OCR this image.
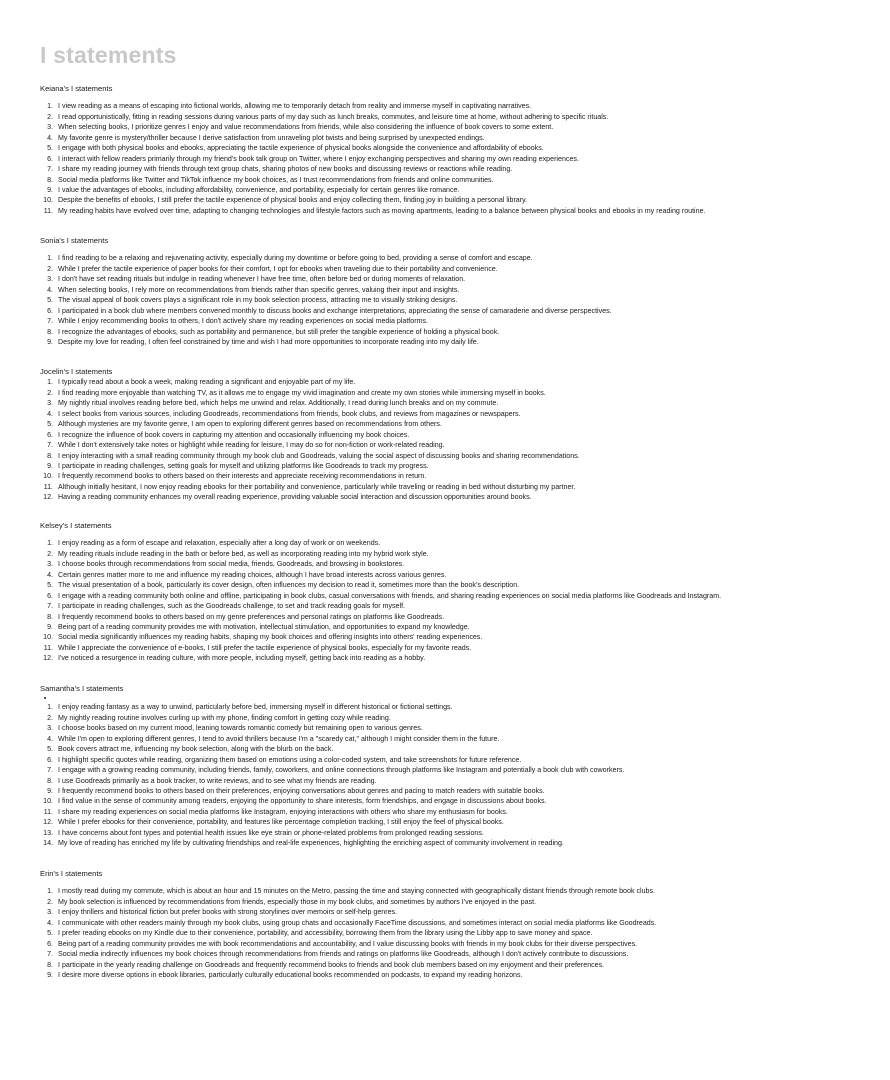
I statements
Keiana's I statements
1. I view reading as a means of escaping into fictional worlds, allowing me to temporarily detach from reality and immerse myself in captivating narratives.
2. I read opportunistically, fitting in reading sessions during various parts of my day such as lunch breaks, commutes, and leisure time at home, without adhering to specific rituals.
3. When selecting books, I prioritize genres I enjoy and value recommendations from friends, while also considering the influence of book covers to some extent.
4. My favorite genre is mystery/thriller because I derive satisfaction from unraveling plot twists and being surprised by unexpected endings.
5. I engage with both physical books and ebooks, appreciating the tactile experience of physical books alongside the convenience and affordability of ebooks.
6. I interact with fellow readers primarily through my friend's book talk group on Twitter, where I enjoy exchanging perspectives and sharing my own reading experiences.
7. I share my reading journey with friends through text group chats, sharing photos of new books and discussing reviews or reactions while reading.
8. Social media platforms like Twitter and TikTok influence my book choices, as I trust recommendations from friends and online communities.
9. I value the advantages of ebooks, including affordability, convenience, and portability, especially for certain genres like romance.
10. Despite the benefits of ebooks, I still prefer the tactile experience of physical books and enjoy collecting them, finding joy in building a personal library.
11. My reading habits have evolved over time, adapting to changing technologies and lifestyle factors such as moving apartments, leading to a balance between physical books and ebooks in my reading routine.
Sonia's I statements
1. I find reading to be a relaxing and rejuvenating activity, especially during my downtime or before going to bed, providing a sense of comfort and escape.
2. While I prefer the tactile experience of paper books for their comfort, I opt for ebooks when traveling due to their portability and convenience.
3. I don't have set reading rituals but indulge in reading whenever I have free time, often before bed or during moments of relaxation.
4. When selecting books, I rely more on recommendations from friends rather than specific genres, valuing their input and insights.
5. The visual appeal of book covers plays a significant role in my book selection process, attracting me to visually striking designs.
6. I participated in a book club where members convened monthly to discuss books and exchange interpretations, appreciating the sense of camaraderie and diverse perspectives.
7. While I enjoy recommending books to others, I don't actively share my reading experiences on social media platforms.
8. I recognize the advantages of ebooks, such as portability and permanence, but still prefer the tangible experience of holding a physical book.
9. Despite my love for reading, I often feel constrained by time and wish I had more opportunities to incorporate reading into my daily life.
Jocelin's I statements
1. I typically read about a book a week, making reading a significant and enjoyable part of my life.
2. I find reading more enjoyable than watching TV, as it allows me to engage my vivid imagination and create my own stories while immersing myself in books.
3. My nightly ritual involves reading before bed, which helps me unwind and relax. Additionally, I read during lunch breaks and on my commute.
4. I select books from various sources, including Goodreads, recommendations from friends, book clubs, and reviews from magazines or newspapers.
5. Although mysteries are my favorite genre, I am open to exploring different genres based on recommendations from others.
6. I recognize the influence of book covers in capturing my attention and occasionally influencing my book choices.
7. While I don't extensively take notes or highlight while reading for leisure, I may do so for non-fiction or work-related reading.
8. I enjoy interacting with a small reading community through my book club and Goodreads, valuing the social aspect of discussing books and sharing recommendations.
9. I participate in reading challenges, setting goals for myself and utilizing platforms like Goodreads to track my progress.
10. I frequently recommend books to others based on their interests and appreciate receiving recommendations in return.
11. Although initially hesitant, I now enjoy reading ebooks for their portability and convenience, particularly while traveling or reading in bed without disturbing my partner.
12. Having a reading community enhances my overall reading experience, providing valuable social interaction and discussion opportunities around books.
Kelsey's I statements
1. I enjoy reading as a form of escape and relaxation, especially after a long day of work or on weekends.
2. My reading rituals include reading in the bath or before bed, as well as incorporating reading into my hybrid work style.
3. I choose books through recommendations from social media, friends, Goodreads, and browsing in bookstores.
4. Certain genres matter more to me and influence my reading choices, although I have broad interests across various genres.
5. The visual presentation of a book, particularly its cover design, often influences my decision to read it, sometimes more than the book's description.
6. I engage with a reading community both online and offline, participating in book clubs, casual conversations with friends, and sharing reading experiences on social media platforms like Goodreads and Instagram.
7. I participate in reading challenges, such as the Goodreads challenge, to set and track reading goals for myself.
8. I frequently recommend books to others based on my genre preferences and personal ratings on platforms like Goodreads.
9. Being part of a reading community provides me with motivation, intellectual stimulation, and opportunities to expand my knowledge.
10. Social media significantly influences my reading habits, shaping my book choices and offering insights into others' reading experiences.
11. While I appreciate the convenience of e-books, I still prefer the tactile experience of physical books, especially for my favorite reads.
12. I've noticed a resurgence in reading culture, with more people, including myself, getting back into reading as a hobby.
Samantha's I statements
•
1. I enjoy reading fantasy as a way to unwind, particularly before bed, immersing myself in different historical or fictional settings.
2. My nightly reading routine involves curling up with my phone, finding comfort in getting cozy while reading.
3. I choose books based on my current mood, leaning towards romantic comedy but remaining open to various genres.
4. While I'm open to exploring different genres, I tend to avoid thrillers because I'm a "scaredy cat," although I might consider them in the future.
5. Book covers attract me, influencing my book selection, along with the blurb on the back.
6. I highlight specific quotes while reading, organizing them based on emotions using a color-coded system, and take screenshots for future reference.
7. I engage with a growing reading community, including friends, family, coworkers, and online connections through platforms like Instagram and potentially a book club with coworkers.
8. I use Goodreads primarily as a book tracker, to write reviews, and to see what my friends are reading.
9. I frequently recommend books to others based on their preferences, enjoying conversations about genres and pacing to match readers with suitable books.
10. I find value in the sense of community among readers, enjoying the opportunity to share interests, form friendships, and engage in discussions about books.
11. I share my reading experiences on social media platforms like Instagram, enjoying interactions with others who share my enthusiasm for books.
12. While I prefer ebooks for their convenience, portability, and features like percentage completion tracking, I still enjoy the feel of physical books.
13. I have concerns about font types and potential health issues like eye strain or phone-related problems from prolonged reading sessions.
14. My love of reading has enriched my life by cultivating friendships and real-life experiences, highlighting the enriching aspect of community involvement in reading.
Erin's I statements
1. I mostly read during my commute, which is about an hour and 15 minutes on the Metro, passing the time and staying connected with geographically distant friends through remote book clubs.
2. My book selection is influenced by recommendations from friends, especially those in my book clubs, and sometimes by authors I've enjoyed in the past.
3. I enjoy thrillers and historical fiction but prefer books with strong storylines over memoirs or self-help genres.
4. I communicate with other readers mainly through my book clubs, using group chats and occasionally FaceTime discussions, and sometimes interact on social media platforms like Goodreads.
5. I prefer reading ebooks on my Kindle due to their convenience, portability, and accessibility, borrowing them from the library using the Libby app to save money and space.
6. Being part of a reading community provides me with book recommendations and accountability, and I value discussing books with friends in my book clubs for their diverse perspectives.
7. Social media indirectly influences my book choices through recommendations from friends and ratings on platforms like Goodreads, although I don't actively contribute to discussions.
8. I participate in the yearly reading challenge on Goodreads and frequently recommend books to friends and book club members based on my enjoyment and their preferences.
9. I desire more diverse options in ebook libraries, particularly culturally educational books recommended on podcasts, to expand my reading horizons.
